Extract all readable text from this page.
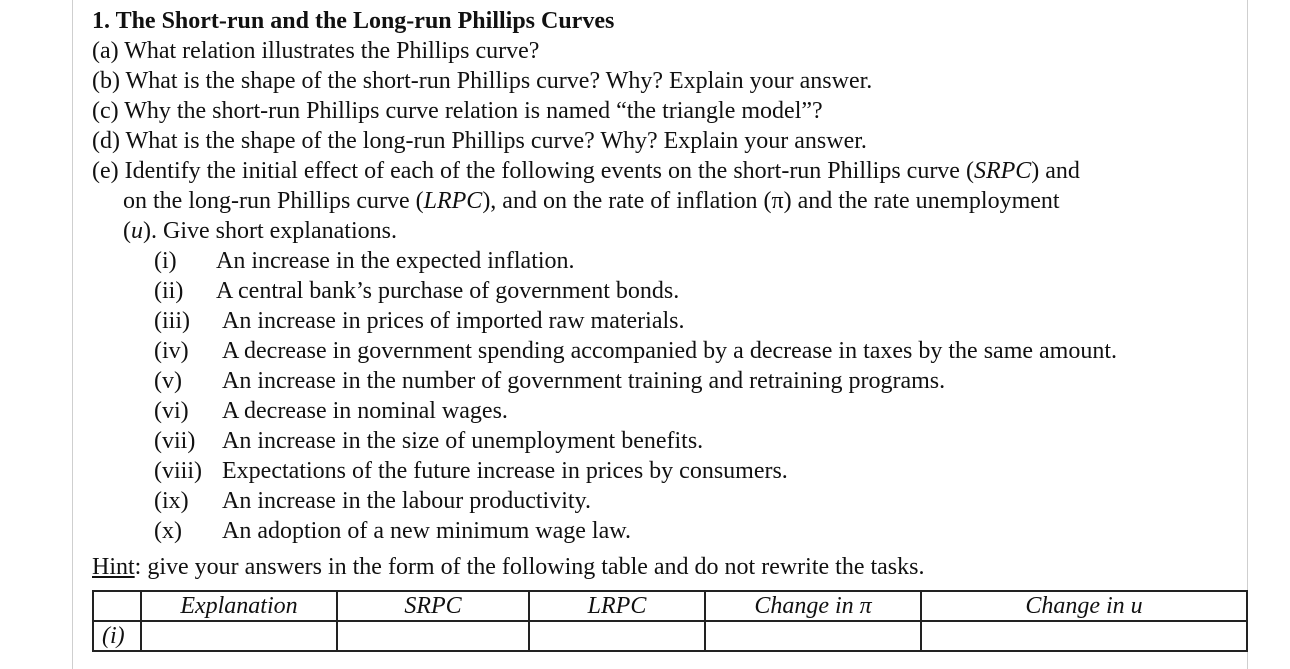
1. The Short-run and the Long-run Phillips Curves
(a) What relation illustrates the Phillips curve?
(b) What is the shape of the short-run Phillips curve? Why? Explain your answer.
(c) Why the short-run Phillips curve relation is named “the triangle model”?
(d) What is the shape of the long-run Phillips curve? Why? Explain your answer.
(e) Identify the initial effect of each of the following events on the short-run Phillips curve (SRPC) and
on the long-run Phillips curve (LRPC), and on the rate of inflation (π) and the rate unemployment
(u). Give short explanations.
(i)	An increase in the expected inflation.
(ii)	A central bank’s purchase of government bonds.
(iii)	An increase in prices of imported raw materials.
(iv)	A decrease in government spending accompanied by a decrease in taxes by the same amount.
(v)	An increase in the number of government training and retraining programs.
(vi)	A decrease in nominal wages.
(vii)	An increase in the size of unemployment benefits.
(viii) Expectations of the future increase in prices by consumers.
(ix)	An increase in the labour productivity.
(x)	An adoption of a new minimum wage law.
Hint: give your answers in the form of the following table and do not rewrite the tasks.
	Explanation	SRPC	LRPC	Change in π	Change in u
(i)					
